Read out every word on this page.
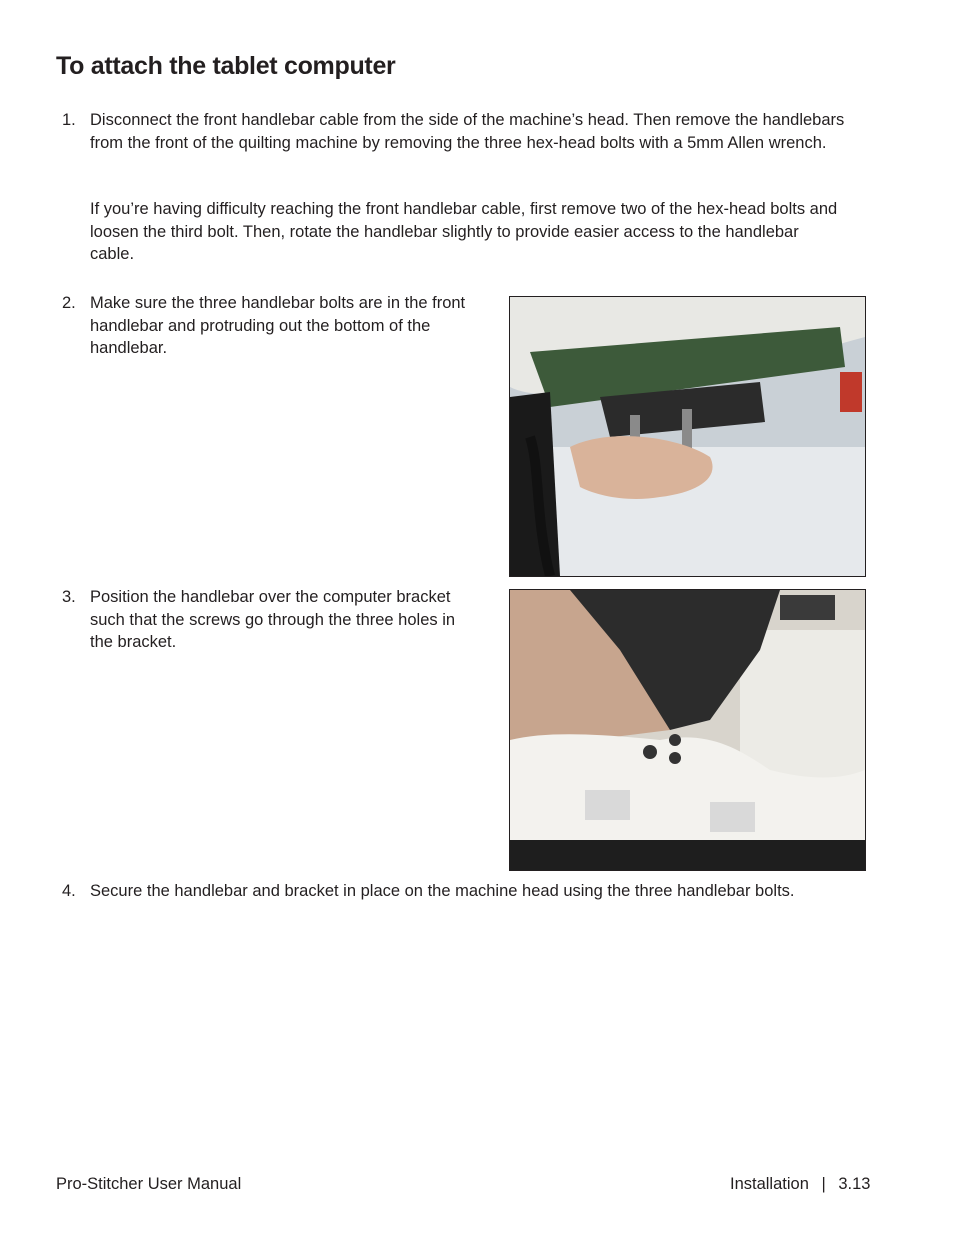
To attach the tablet computer
1. Disconnect the front handlebar cable from the side of the machine’s head. Then remove the handlebars from the front of the quilting machine by removing the three hex-head bolts with a 5mm Allen wrench.

If you’re having difficulty reaching the front handlebar cable, first remove two of the hex-head bolts and loosen the third bolt. Then, rotate the handlebar slightly to provide easier access to the handlebar cable.

2. Make sure the three handlebar bolts are in the front handlebar and protruding out the bottom of the handlebar.

3. Position the handlebar over the computer bracket such that the screws go through the three holes in the bracket.

4. Secure the handlebar and bracket in place on the machine head using the three handlebar bolts.

Pro-Stitcher User Manual	Installation | 3.13
